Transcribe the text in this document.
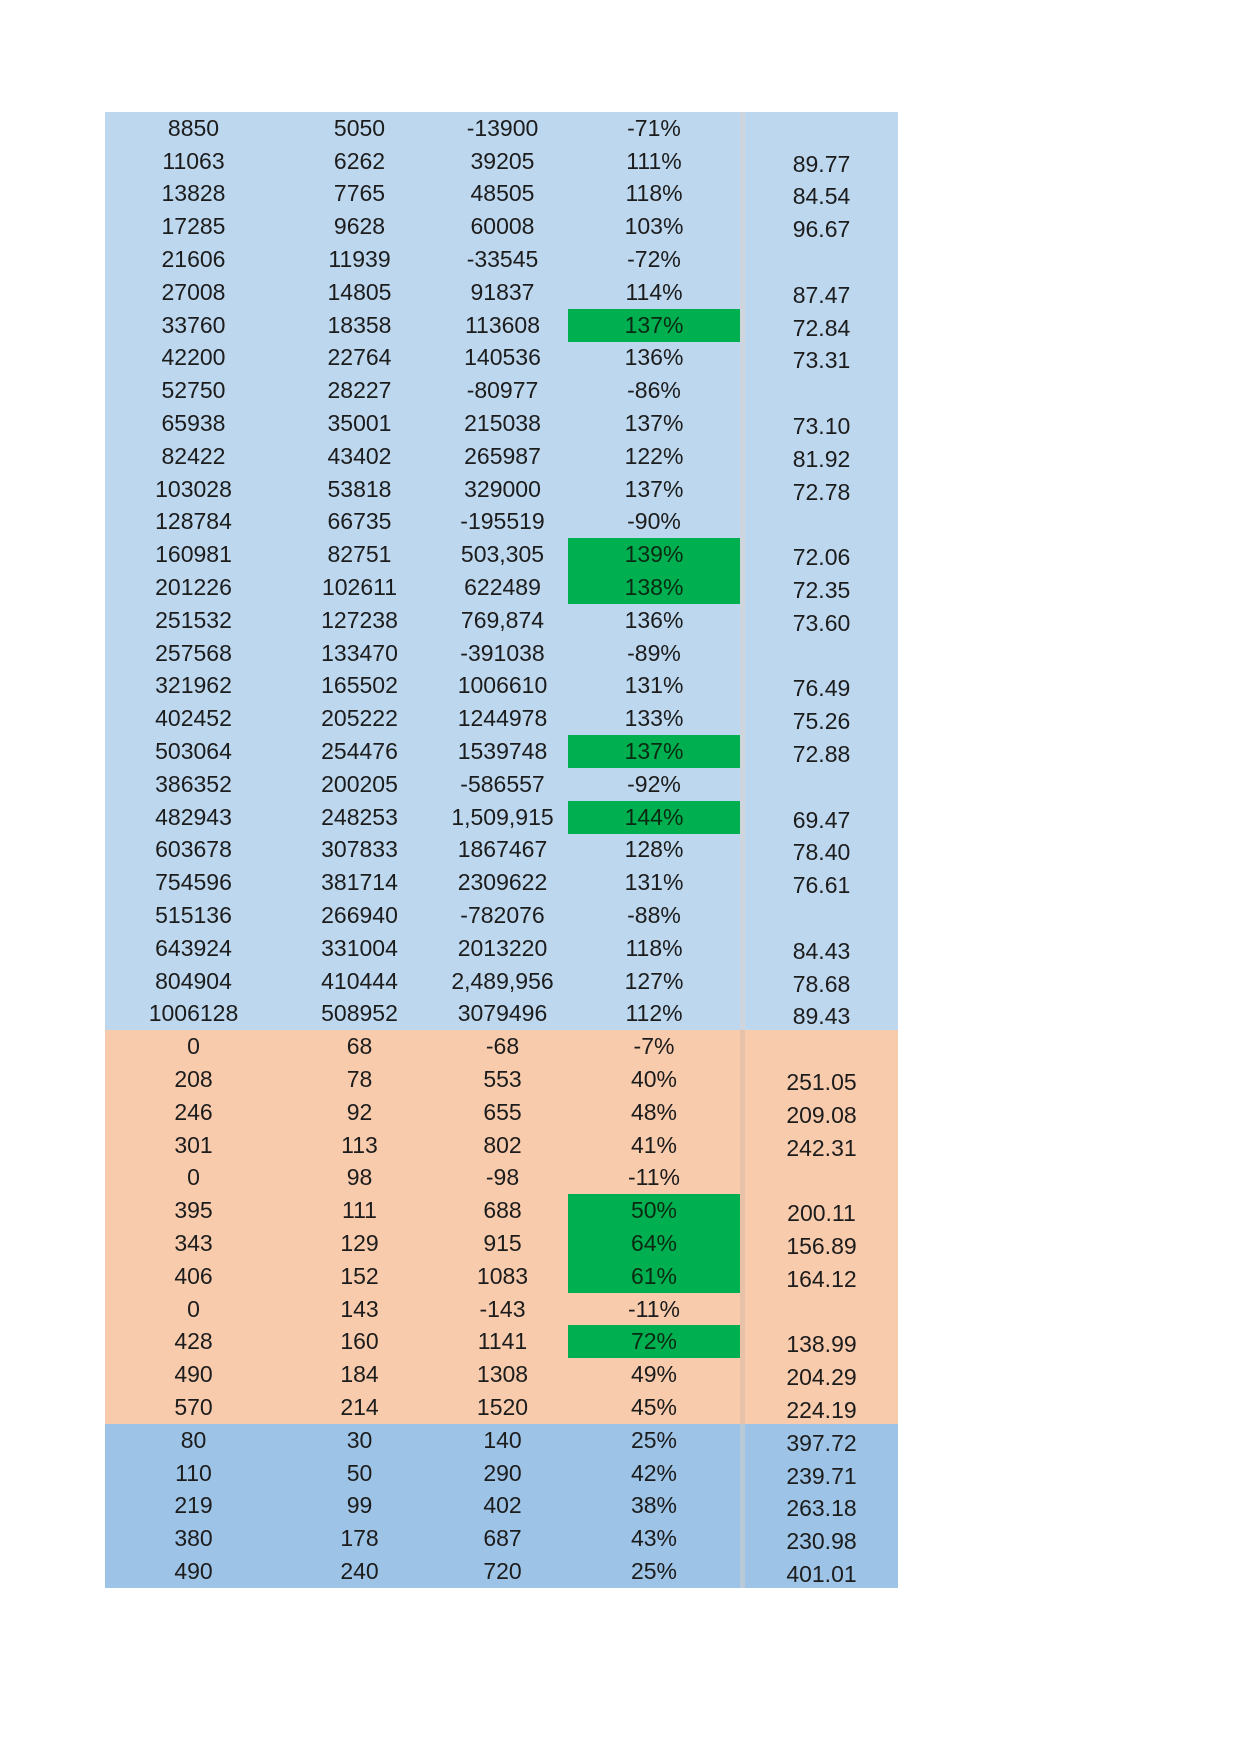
8850	5050	-13900	-71%
11063	6262	39205	111%	89.77
13828	7765	48505	118%	84.54
17285	9628	60008	103%	96.67
21606	11939	-33545	-72%
27008	14805	91837	114%	87.47
33760	18358	113608	137%	72.84
42200	22764	140536	136%	73.31
52750	28227	-80977	-86%
65938	35001	215038	137%	73.10
82422	43402	265987	122%	81.92
103028	53818	329000	137%	72.78
128784	66735	-195519	-90%
160981	82751	503,305	139%	72.06
201226	102611	622489	138%	72.35
251532	127238	769,874	136%	73.60
257568	133470	-391038	-89%
321962	165502	1006610	131%	76.49
402452	205222	1244978	133%	75.26
503064	254476	1539748	137%	72.88
386352	200205	-586557	-92%
482943	248253	1,509,915	144%	69.47
603678	307833	1867467	128%	78.40
754596	381714	2309622	131%	76.61
515136	266940	-782076	-88%
643924	331004	2013220	118%	84.43
804904	410444	2,489,956	127%	78.68
1006128	508952	3079496	112%	89.43
0	68	-68	-7%
208	78	553	40%	251.05
246	92	655	48%	209.08
301	113	802	41%	242.31
0	98	-98	-11%
395	111	688	50%	200.11
343	129	915	64%	156.89
406	152	1083	61%	164.12
0	143	-143	-11%
428	160	1141	72%	138.99
490	184	1308	49%	204.29
570	214	1520	45%	224.19
80	30	140	25%	397.72
110	50	290	42%	239.71
219	99	402	38%	263.18
380	178	687	43%	230.98
490	240	720	25%	401.01
